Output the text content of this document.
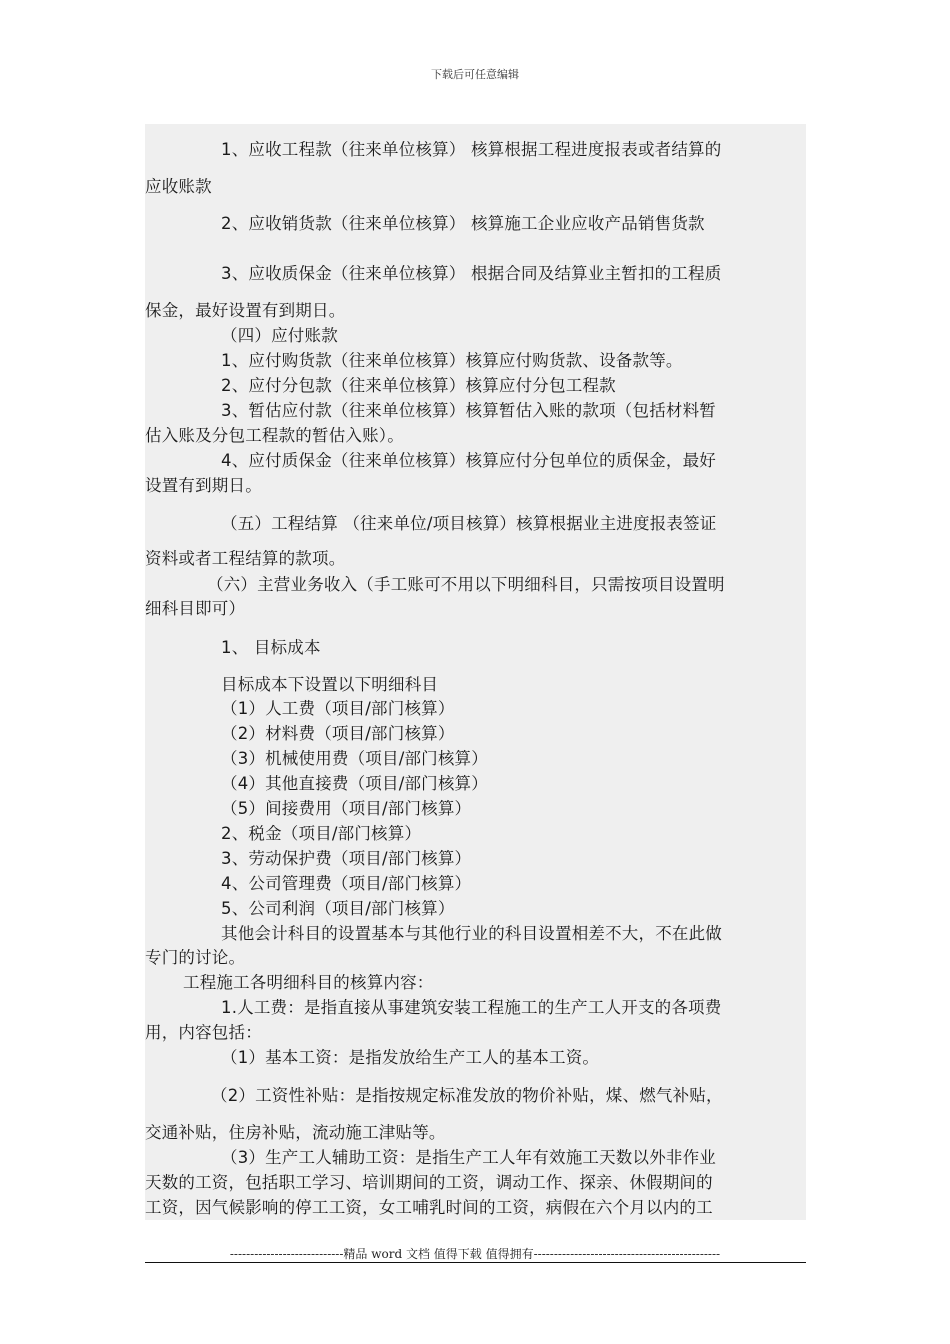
下载后可任意编辑
1、应收工程款（往来单位核算） 核算根据工程进度报表或者结算的
应收账款
2、应收销货款（往来单位核算） 核算施工企业应收产品销售货款
3、应收质保金（往来单位核算） 根据合同及结算业主暂扣的工程质
保金，最好设置有到期日。
（四）应付账款
1、应付购货款（往来单位核算）核算应付购货款、设备款等。
2、应付分包款（往来单位核算）核算应付分包工程款
3、暂估应付款（往来单位核算）核算暂估入账的款项（包括材料暂
估入账及分包工程款的暂估入账）。
4、应付质保金（往来单位核算）核算应付分包单位的质保金，最好
设置有到期日。
（五）工程结算 （往来单位/项目核算）核算根据业主进度报表签证
资料或者工程结算的款项。
（六）主营业务收入（手工账可不用以下明细科目，只需按项目设置明
细科目即可）
1、 目标成本
目标成本下设置以下明细科目
（1）人工费（项目/部门核算）
（2）材料费（项目/部门核算）
（3）机械使用费（项目/部门核算）
（4）其他直接费（项目/部门核算）
（5）间接费用（项目/部门核算）
2、税金（项目/部门核算）
3、劳动保护费（项目/部门核算）
4、公司管理费（项目/部门核算）
5、公司利润（项目/部门核算）
其他会计科目的设置基本与其他行业的科目设置相差不大，不在此做
专门的讨论。
工程施工各明细科目的核算内容：
1.人工费：是指直接从事建筑安装工程施工的生产工人开支的各项费
用，内容包括：
（1）基本工资：是指发放给生产工人的基本工资。
（2）工资性补贴：是指按规定标准发放的物价补贴，煤、燃气补贴，
交通补贴，住房补贴，流动施工津贴等。
（3）生产工人辅助工资：是指生产工人年有效施工天数以外非作业
天数的工资，包括职工学习、培训期间的工资，调动工作、探亲、休假期间的
工资，因气候影响的停工工资，女工哺乳时间的工资，病假在六个月以内的工
----------------------------精品 word 文档 值得下载 值得拥有----------------------------------------------
